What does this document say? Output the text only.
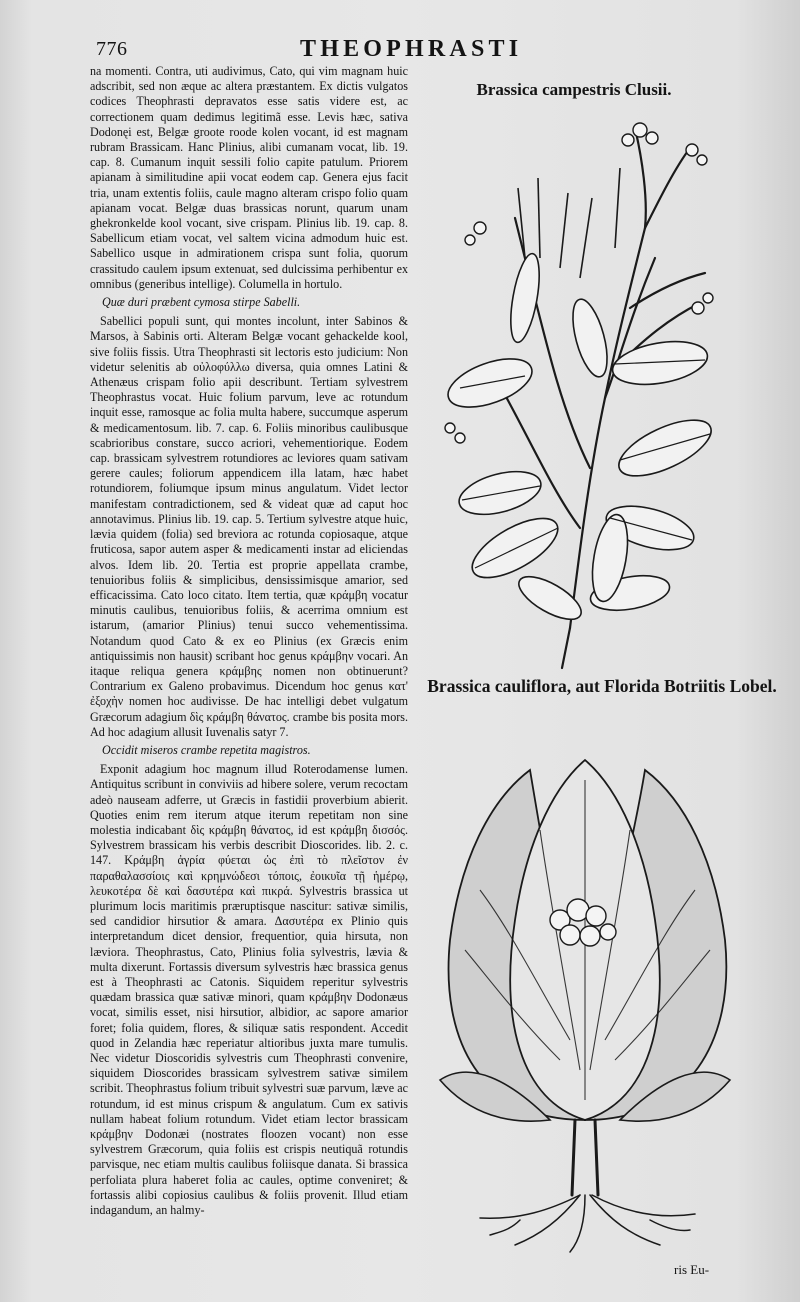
776	THEOPHRASTI

na momenti. Contra, uti audivimus, Cato, qui vim magnam huic adscribit, sed non æque ac altera præstantem. Ex dictis vulgatos codices Theophrasti depravatos esse satis videre est, ac correctionem quam dedimus legitimã esse. Levis hæc, sativa Dodonęi est, Belgæ groote roode kolen vocant, id est magnam rubram Brassicam. Hanc Plinius, alibi cumanam vocat, lib. 19. cap. 8. Cumanum inquit sessili folio capite patulum. Priorem apianam à similitudine apii vocat eodem cap. Genera ejus facit tria, unam extentis foliis, caule magno alteram crispo folio quam apianam vocat. Belgæ duas brassicas norunt, quarum unam ghekronkelde kool vocant, sive crispam. Plinius lib. 19. cap. 8. Sabellicum etiam vocat, vel saltem vicina admodum huic est. Sabellico usque in admirationem crispa sunt folia, quorum crassitudo caulem ipsum extenuat, sed dulcissima perhibentur ex omnibus (generibus intellige). Columella in hortulo.

Quæ duri præbent cymosa stirpe Sabelli.

Sabellici populi sunt, qui montes incolunt, inter Sabinos & Marsos, à Sabinis orti. Alteram Belgæ vocant gehackelde kool, sive foliis fissis. Utra Theophrasti sit lectoris esto judicium: Non videtur selenitis ab οὐλοφύλλω diversa, quia omnes Latini & Athenæus crispam folio apii describunt. Tertiam sylvestrem Theophrastus vocat. Huic folium parvum, leve ac rotundum inquit esse, ramosque ac folia multa habere, succumque asperum & medicamentosum. lib. 7. cap. 6. Foliis minoribus caulibusque scabrioribus constare, succo acriori, vehementiorique. Eodem cap. brassicam sylvestrem rotundiores ac leviores quam sativam gerere caules; foliorum appendicem illa latam, hæc habet rotundiorem, foliumque ipsum minus angulatum. Videt lector manifestam contradictionem, sed & videat quæ ad caput hoc annotavimus. Plinius lib. 19. cap. 5. Tertium sylvestre atque huic, lævia quidem (folia) sed breviora ac rotunda copiosaque, atque fruticosa, sapor autem asper & medicamenti instar ad eliciendas alvos. Idem lib. 20. Tertia est proprie appellata crambe, tenuioribus foliis & simplicibus, densissimisque amarior, sed efficacissima. Cato loco citato. Item tertia, quæ κράμβη vocatur minutis caulibus, tenuioribus foliis, & acerrima omnium est istarum, (amarior Plinius) tenui succo vehementissima. Notandum quod Cato & ex eo Plinius (ex Græcis enim antiquissimis non hausit) scribant hoc genus κράμβην vocari. An itaque reliqua genera κράμβης nomen non obtinuerunt? Contrarium ex Galeno probavimus. Dicendum hoc genus κατ' ἐξοχὴν nomen hoc audivisse. De hac intelligi debet vulgatum Græcorum adagium δὶς κράμβη θάνατος. crambe bis posita mors. Ad hoc adagium allusit Iuvenalis satyr 7.

Occidit miseros crambe repetita magistros.

Exponit adagium hoc magnum illud Roterodamense lumen. Antiquitus scribunt in conviviis ad hibere solere, verum recoctam adeò nauseam adferre, ut Græcis in fastidii proverbium abierit. Quoties enim rem iterum atque iterum repetitam non sine molestia indicabant δὶς κράμβη θάνατος, id est κράμβη δισσός. Sylvestrem brassicam his verbis describit Dioscorides. lib. 2. c. 147. Κράμβη ἀγρία φύεται ὡς ἐπὶ τὸ πλεῖστον ἐν παραθαλασσίοις καὶ κρημνώδεσι τόποις, ἐοικυῖα τῇ ἡμέρῳ, λευκοτέρα δὲ καὶ δασυτέρα καὶ πικρά. Sylvestris brassica ut plurimum locis maritimis præruptisque nascitur: sativæ similis, sed candidior hirsutior & amara. Δασυτέρα ex Plinio quis interpretandum dicet densior, frequentior, quia hirsuta, non læviora. Theophrastus, Cato, Plinius folia sylvestris, lævia & multa dixerunt. Fortassis diversum sylvestris hæc brassica genus est à Theophrasti ac Catonis. Siquidem reperitur sylvestris quædam brassica quæ sativæ minori, quam κράμβην Dodonæus vocat, similis esset, nisi hirsutior, albidior, ac sapore amarior foret; folia quidem, flores, & siliquæ satis respondent. Accedit quod in Zelandia hæc reperiatur altioribus juxta mare tumulis. Nec videtur Dioscoridis sylvestris cum Theophrasti convenire, siquidem Dioscorides brassicam sylvestrem sativæ similem scribit. Theophrastus folium tribuit sylvestri suæ parvum, læve ac rotundum, id est minus crispum & angulatum. Cum ex sativis nullam habeat folium rotundum. Videt etiam lector brassicam κράμβην Dodonæi (nostrates floozen vocant) non esse sylvestrem Græcorum, quia foliis est crispis neutiquã rotundis parvisque, nec etiam multis caulibus foliisque danata. Si brassica perfoliata plura haberet folia ac caules, optime conveniret; & fortassis alibi copiosius caulibus & foliis provenit. Illud etiam indagandum, an halmy-

Brassica campestris Clusii.
Brassica cauliflora, aut Florida Botriitis Lobel.
ris Eu-
